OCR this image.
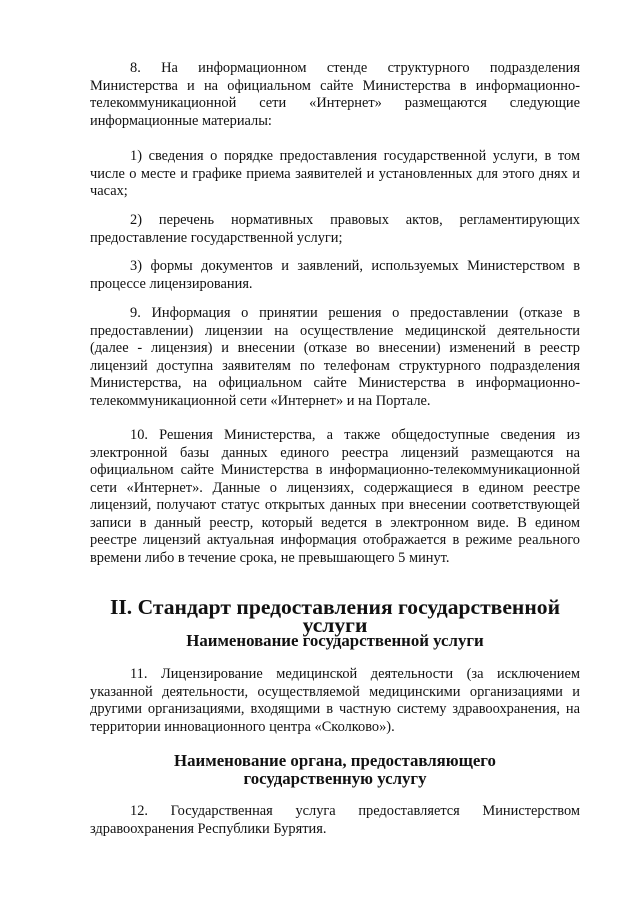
8. На информационном стенде структурного подразделения Министерства и на официальном сайте Министерства в информационно-телекоммуникационной сети «Интернет» размещаются следующие информационные материалы:

1) сведения о порядке предоставления государственной услуги, в том числе о месте и графике приема заявителей и установленных для этого днях и часах;

2) перечень нормативных правовых актов, регламентирующих предоставление государственной услуги;

3) формы документов и заявлений, используемых Министерством в процессе лицензирования.

9. Информация о принятии решения о предоставлении (отказе в предоставлении) лицензии на осуществление медицинской деятельности (далее - лицензия) и внесении (отказе во внесении) изменений в реестр лицензий доступна заявителям по телефонам структурного подразделения Министерства, на официальном сайте Министерства в информационно-телекоммуникационной сети «Интернет» и на Портале.

10. Решения Министерства, а также общедоступные сведения из электронной базы данных единого реестра лицензий размещаются на официальном сайте Министерства в информационно-телекоммуникационной сети «Интернет». Данные о лицензиях, содержащиеся в едином реестре лицензий, получают статус открытых данных при внесении соответствующей записи в данный реестр, который ведется в электронном виде. В едином реестре лицензий актуальная информация отображается в режиме реального времени либо в течение срока, не превышающего 5 минут.

II. Стандарт предоставления государственной услуги
Наименование государственной услуги

11. Лицензирование медицинской деятельности (за исключением указанной деятельности, осуществляемой медицинскими организациями и другими организациями, входящими в частную систему здравоохранения, на территории инновационного центра «Сколково»).

Наименование органа, предоставляющего
государственную услугу

12. Государственная услуга предоставляется Министерством здравоохранения Республики Бурятия.
